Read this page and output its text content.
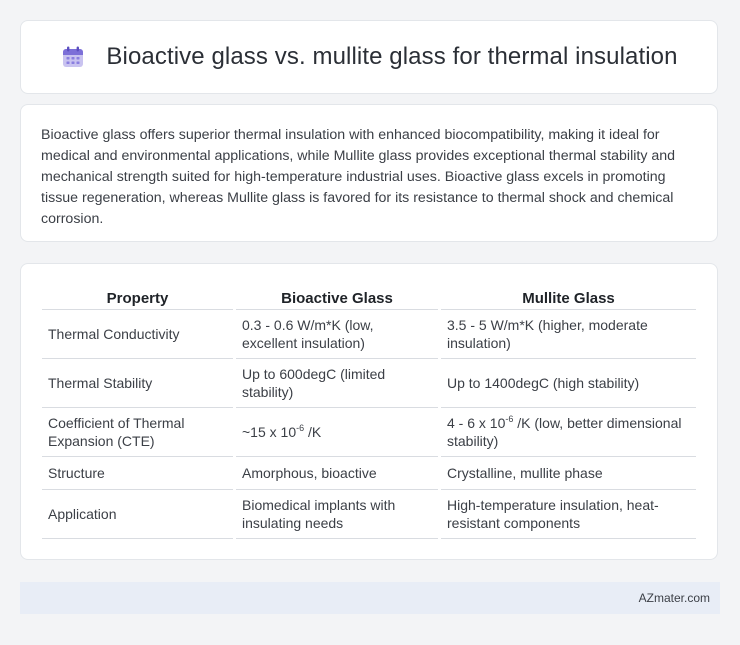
Bioactive glass vs. mullite glass for thermal insulation

Bioactive glass offers superior thermal insulation with enhanced biocompatibility, making it ideal for medical and environmental applications, while Mullite glass provides exceptional thermal stability and mechanical strength suited for high-temperature industrial uses. Bioactive glass excels in promoting tissue regeneration, whereas Mullite glass is favored for its resistance to thermal shock and chemical corrosion.

Property	Bioactive Glass	Mullite Glass
Thermal Conductivity	0.3 - 0.6 W/m*K (low, excellent insulation)	3.5 - 5 W/m*K (higher, moderate insulation)
Thermal Stability	Up to 600degC (limited stability)	Up to 1400degC (high stability)
Coefficient of Thermal Expansion (CTE)	~15 x $10^{-6}$ /K	4 - 6 x $10^{-6}$ /K (low, better dimensional stability)
Structure	Amorphous, bioactive	Crystalline, mullite phase
Application	Biomedical implants with insulating needs	High-temperature insulation, heat-resistant components
AZmater.com
